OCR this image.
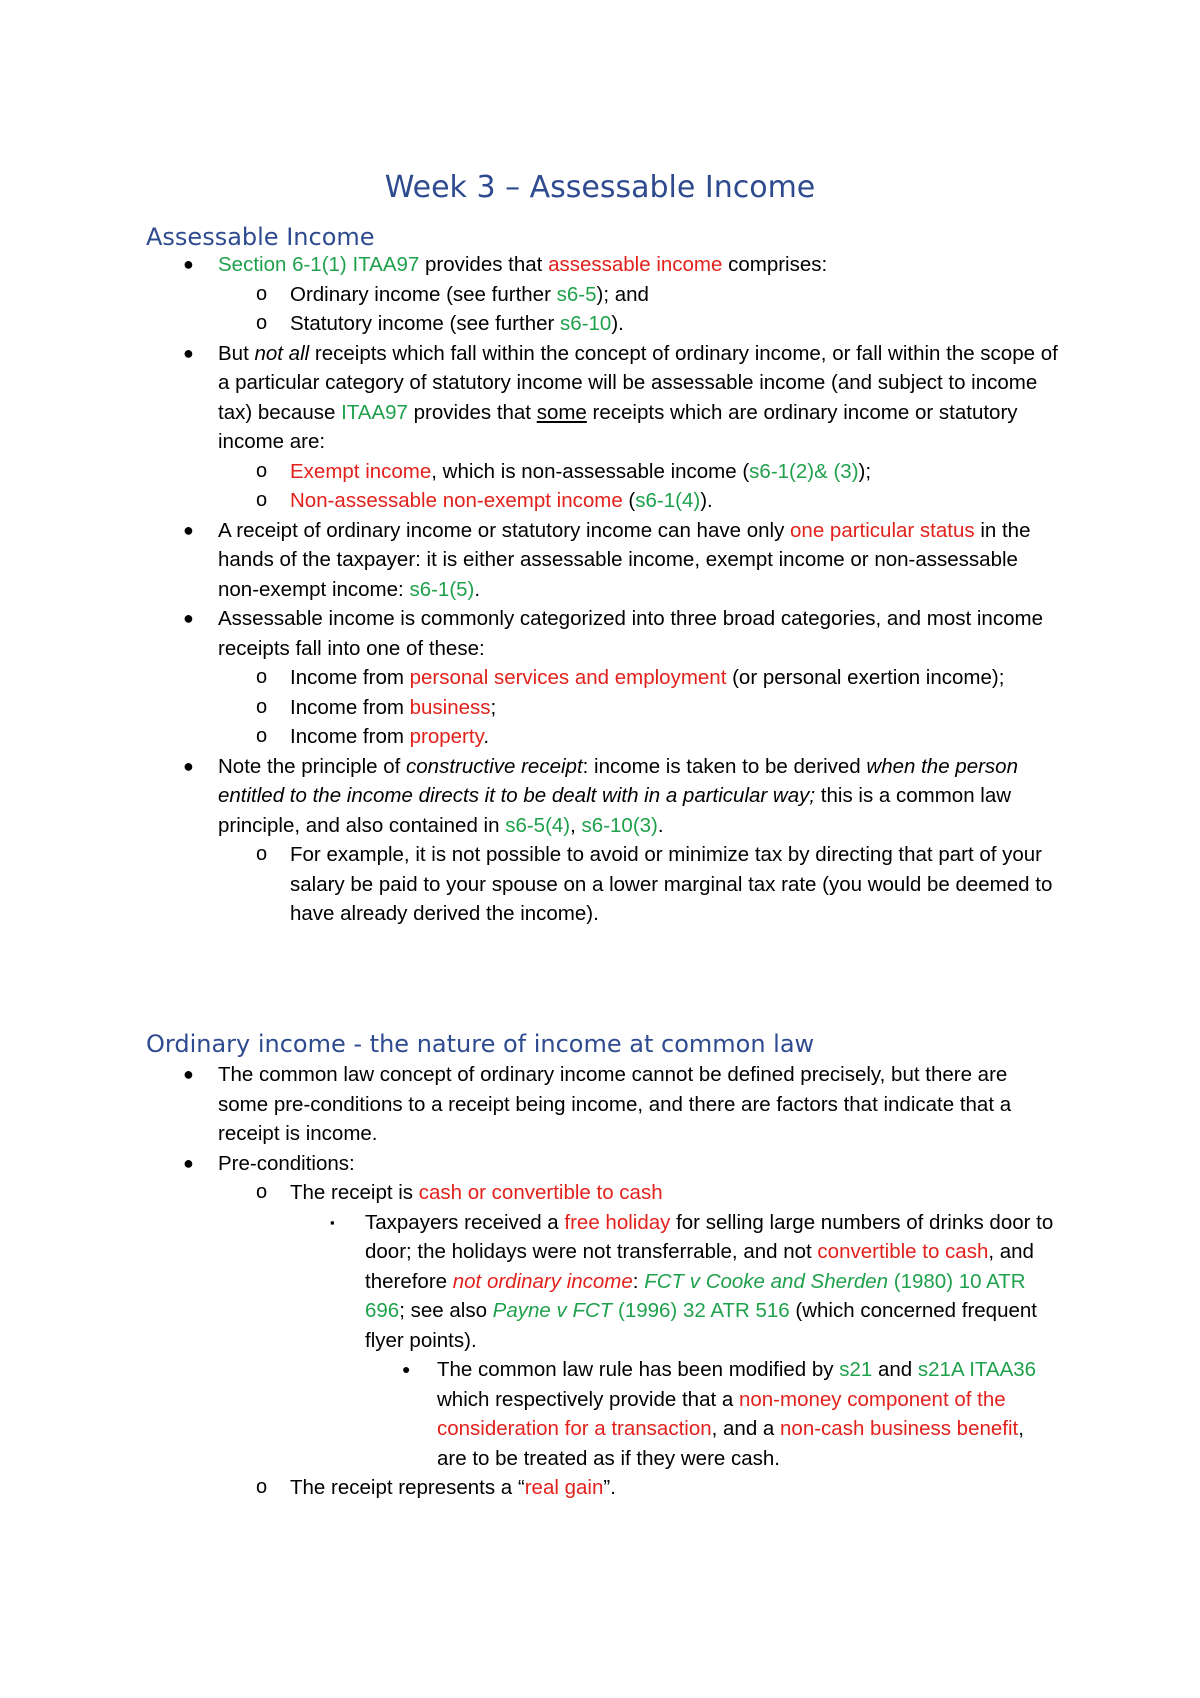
Week 3 – Assessable Income
Assessable Income
● Section 6-1(1) ITAA97 provides that assessable income comprises:
o Ordinary income (see further s6-5); and
o Statutory income (see further s6-10).
● But not all receipts which fall within the concept of ordinary income, or fall within the scope of a particular category of statutory income will be assessable income (and subject to income tax) because ITAA97 provides that some receipts which are ordinary income or statutory income are:
o Exempt income, which is non-assessable income (s6-1(2)& (3));
o Non-assessable non-exempt income (s6-1(4)).
● A receipt of ordinary income or statutory income can have only one particular status in the hands of the taxpayer: it is either assessable income, exempt income or non-assessable non-exempt income: s6-1(5).
● Assessable income is commonly categorized into three broad categories, and most income receipts fall into one of these:
o Income from personal services and employment (or personal exertion income);
o Income from business;
o Income from property.
● Note the principle of constructive receipt: income is taken to be derived when the person entitled to the income directs it to be dealt with in a particular way; this is a common law principle, and also contained in s6-5(4), s6-10(3).
o For example, it is not possible to avoid or minimize tax by directing that part of your salary be paid to your spouse on a lower marginal tax rate (you would be deemed to have already derived the income).
Ordinary income - the nature of income at common law
● The common law concept of ordinary income cannot be defined precisely, but there are some pre-conditions to a receipt being income, and there are factors that indicate that a receipt is income.
● Pre-conditions:
o The receipt is cash or convertible to cash
▪ Taxpayers received a free holiday for selling large numbers of drinks door to door; the holidays were not transferrable, and not convertible to cash, and therefore not ordinary income: FCT v Cooke and Sherden (1980) 10 ATR 696; see also Payne v FCT (1996) 32 ATR 516 (which concerned frequent flyer points).
● The common law rule has been modified by s21 and s21A ITAA36 which respectively provide that a non-money component of the consideration for a transaction, and a non-cash business benefit, are to be treated as if they were cash.
o The receipt represents a “real gain”.
